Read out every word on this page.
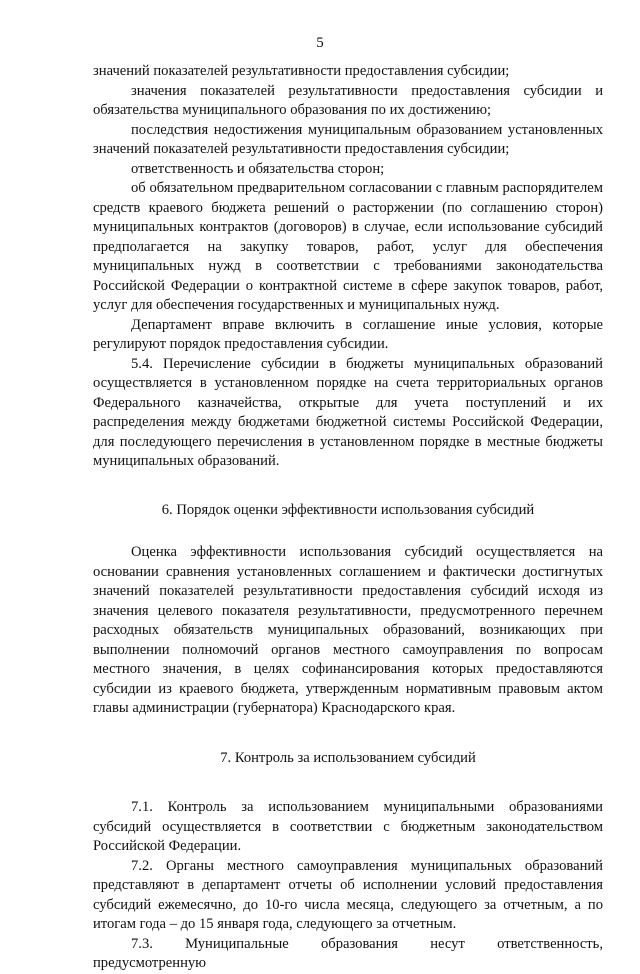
5

значений показателей результативности предоставления субсидии;

значения показателей результативности предоставления субсидии и обязательства муниципального образования по их достижению;

последствия недостижения муниципальным образованием установленных значений показателей результативности предоставления субсидии;

ответственность и обязательства сторон;

об обязательном предварительном согласовании с главным распорядителем средств краевого бюджета решений о расторжении (по соглашению сторон) муниципальных контрактов (договоров) в случае, если использование субсидий предполагается на закупку товаров, работ, услуг для обеспечения муниципальных нужд в соответствии с требованиями законодательства Российской Федерации о контрактной системе в сфере закупок товаров, работ, услуг для обеспечения государственных и муниципальных нужд.

Департамент вправе включить в соглашение иные условия, которые регулируют порядок предоставления субсидии.

5.4. Перечисление субсидии в бюджеты муниципальных образований осуществляется в установленном порядке на счета территориальных органов Федерального казначейства, открытые для учета поступлений и их распределения между бюджетами бюджетной системы Российской Федерации, для последующего перечисления в установленном порядке в местные бюджеты муниципальных образований.

6. Порядок оценки эффективности использования субсидий

Оценка эффективности использования субсидий осуществляется на основании сравнения установленных соглашением и фактически достигнутых значений показателей результативности предоставления субсидий исходя из значения целевого показателя результативности, предусмотренного перечнем расходных обязательств муниципальных образований, возникающих при выполнении полномочий органов местного самоуправления по вопросам местного значения, в целях софинансирования которых предоставляются субсидии из краевого бюджета, утвержденным нормативным правовым актом главы администрации (губернатора) Краснодарского края.

7. Контроль за использованием субсидий

7.1. Контроль за использованием муниципальными образованиями субсидий осуществляется в соответствии с бюджетным законодательством Российской Федерации.

7.2. Органы местного самоуправления муниципальных образований представляют в департамент отчеты об исполнении условий предоставления субсидий ежемесячно, до 10-го числа месяца, следующего за отчетным, а по итогам года – до 15 января года, следующего за отчетным.

7.3. Муниципальные образования несут ответственность, предусмотренную
